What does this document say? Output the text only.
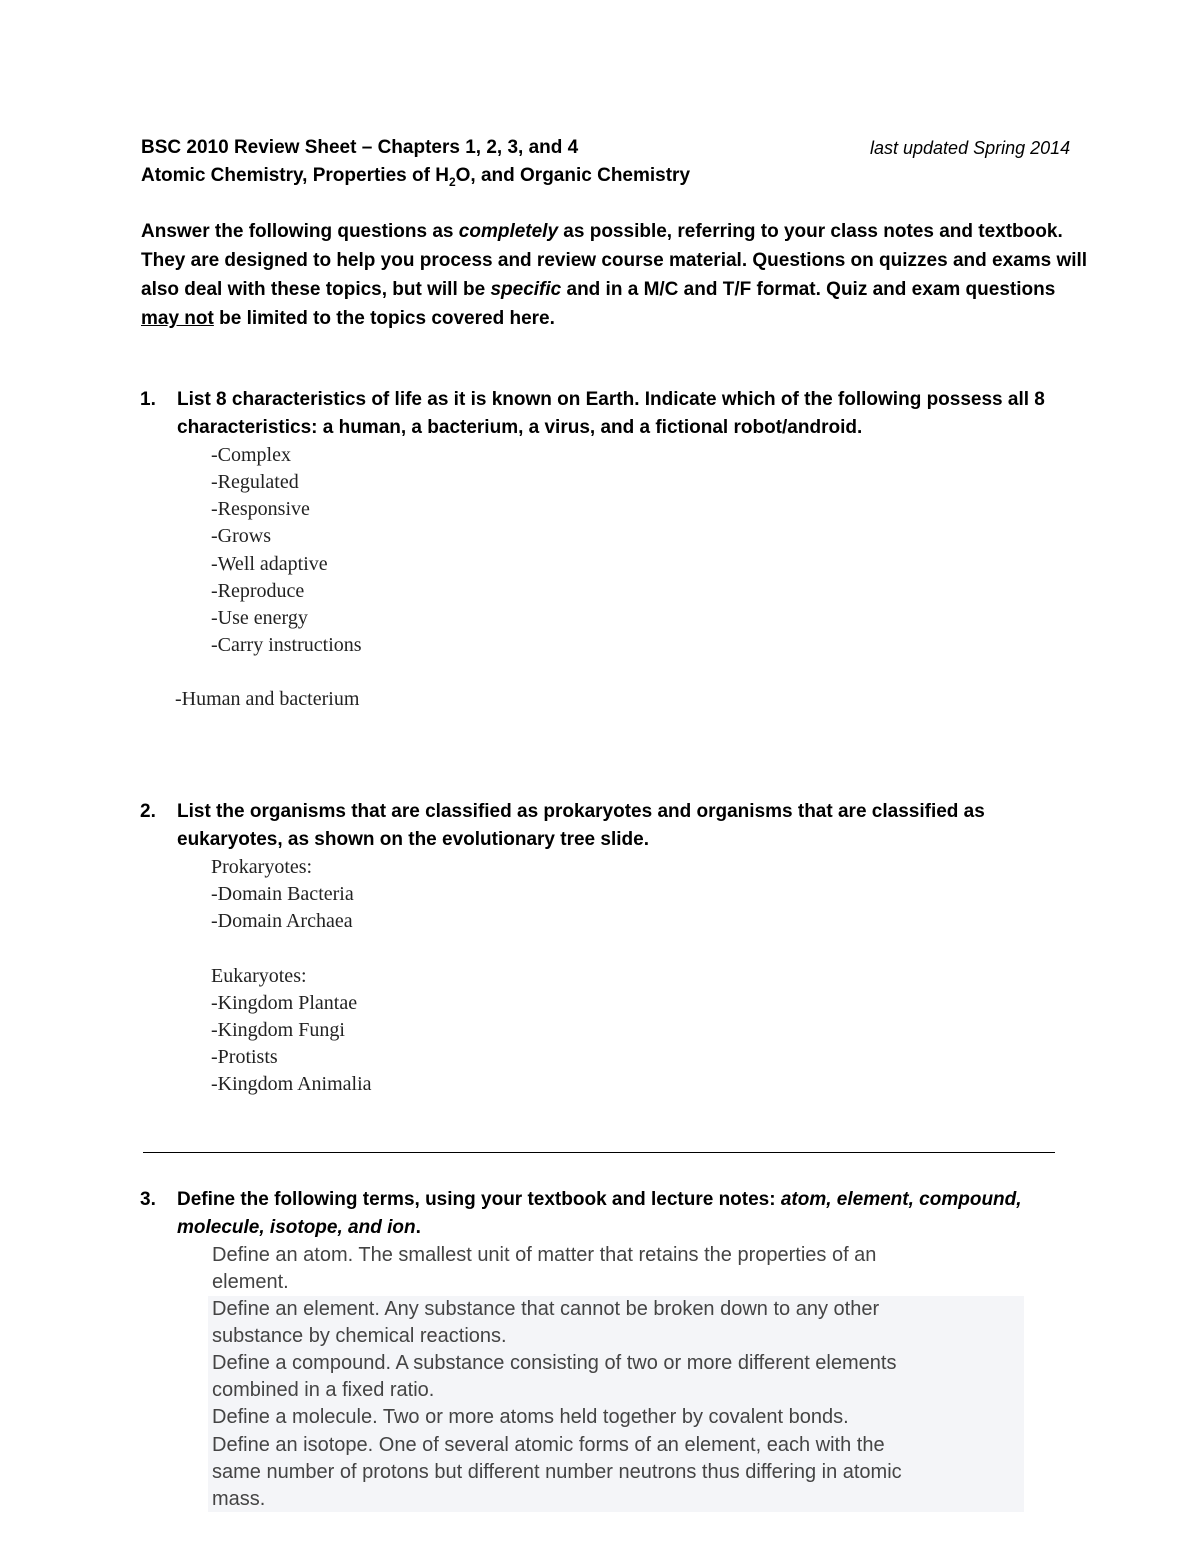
BSC 2010 Review Sheet – Chapters 1, 2, 3, and 4	last updated Spring 2014
Atomic Chemistry, Properties of $H_2O$, and Organic Chemistry

Answer the following questions as completely as possible, referring to your class notes and textbook. They are designed to help you process and review course material. Questions on quizzes and exams will also deal with these topics, but will be specific and in a M/C and T/F format. Quiz and exam questions may not be limited to the topics covered here.

1. List 8 characteristics of life as it is known on Earth. Indicate which of the following possess all 8
characteristics: a human, a bacterium, a virus, and a fictional robot/android.
-Complex
-Regulated
-Responsive
-Grows
-Well adaptive
-Reproduce
-Use energy
-Carry instructions
-Human and bacterium
2. List the organisms that are classified as prokaryotes and organisms that are classified as
eukaryotes, as shown on the evolutionary tree slide.
Prokaryotes:
-Domain Bacteria
-Domain Archaea
Eukaryotes:
-Kingdom Plantae
-Kingdom Fungi
-Protists
-Kingdom Animalia
3. Define the following terms, using your textbook and lecture notes: atom, element, compound,
molecule, isotope, and ion.
Define an atom. The smallest unit of matter that retains the properties of an
element.
Define an element. Any substance that cannot be broken down to any other
substance by chemical reactions.
Define a compound. A substance consisting of two or more different elements
combined in a fixed ratio.
Define a molecule. Two or more atoms held together by covalent bonds.
Define an isotope. One of several atomic forms of an element, each with the
same number of protons but different number neutrons thus differing in atomic
mass.
